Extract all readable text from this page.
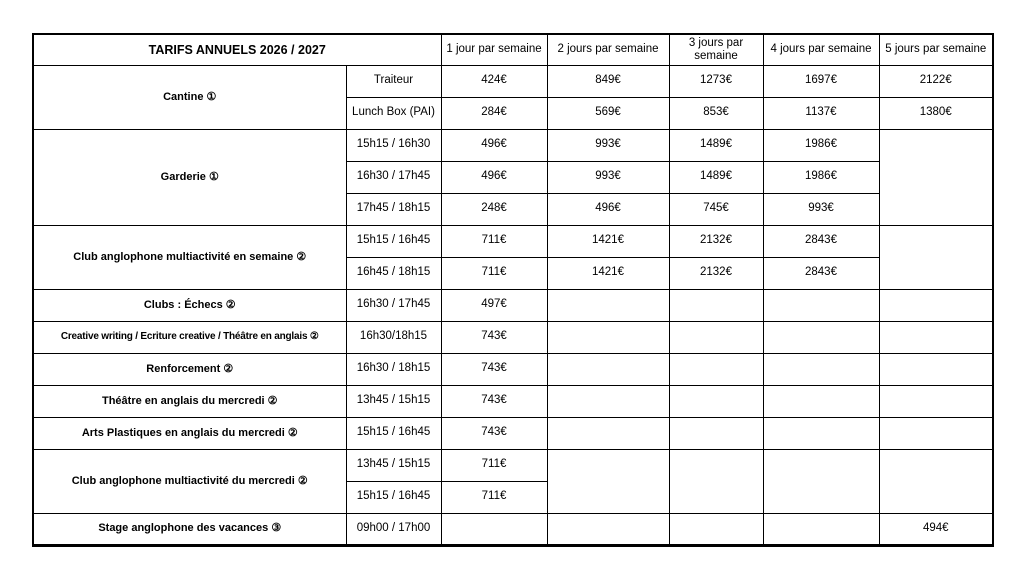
TARIFS ANNUELS 2026 / 2027		1 jour par semaine	2 jours par semaine	3 jours par semaine	4 jours par semaine	5 jours par semaine
Cantine ①	Traiteur	424€	849€	1273€	1697€	2122€
	Lunch Box (PAI)	284€	569€	853€	1137€	1380€
Garderie ①	15h15 / 16h30	496€	993€	1489€	1986€	
	16h30 / 17h45	496€	993€	1489€	1986€	
	17h45 / 18h15	248€	496€	745€	993€	
Club anglophone multiactivité en semaine ②	15h15 / 16h45	711€	1421€	2132€	2843€	
	16h45 / 18h15	711€	1421€	2132€	2843€	
Clubs : Échecs ②	16h30 / 17h45	497€				
Creative writing / Ecriture creative / Théâtre en anglais ②	16h30/18h15	743€				
Renforcement ②	16h30 / 18h15	743€				
Théâtre en anglais du mercredi ②	13h45 / 15h15	743€				
Arts Plastiques en anglais du mercredi ②	15h15 / 16h45	743€				
Club anglophone multiactivité du mercredi ②	13h45 / 15h15	711€				
	15h15 / 16h45	711€				
Stage anglophone des vacances ③	09h00 / 17h00					494€
